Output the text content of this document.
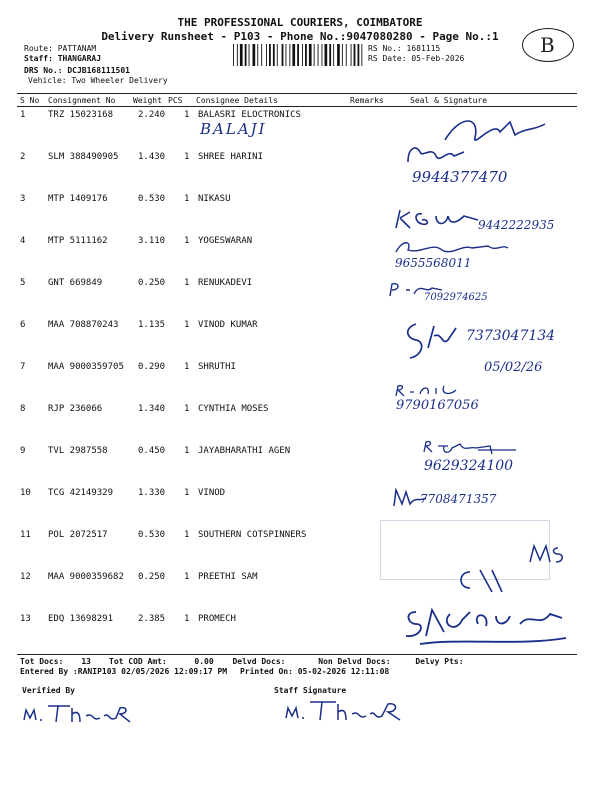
THE PROFESSIONAL COURIERS, COIMBATORE
Delivery Runsheet - P103 - Phone No.:9047080280 - Page No.:1	B
Route: PATTANAM
Staff: THANGARAJ
DRS No.: DCJB168111501
Vehicle: Two Wheeler Delivery
RS No.: 1681115
RS Date: 05-Feb-2026
S No Consignment No Weight PCS Consignee Details	Remarks	Seal & Signature
1	TRZ 15023168	2.240 1 BALASRI ELOCTRONICS
2	SLM 388490905 1.430 1 SHREE HARINI
3	MTP 1409176	0.530 1 NIKASU
4	MTP 5111162	3.110 1 YOGESWARAN
5	GNT 669849	0.250 1 RENUKADEVI
6	MAA 708870243 1.135 1 VINOD KUMAR
7	MAA 9000359705 0.290 1 SHRUTHI
8	RJP 236066	1.340 1 CYNTHIA MOSES
9	TVL 2987558	0.450 1 JAYABHARATHI AGEN
10 TCG 42149329	1.330 1 VINOD
11 POL 2072517	0.530 1 SOUTHERN COTSPINNERS
12 MAA 9000359682 0.250 1 PREETHI SAM
13 EDQ 13698291	2.385 1 PROMECH
BALAJI
9944377470
9442222935
9655568011
7092974625
7373047134
05/02/26
9790167056
9629324100
7708471357
Tot Docs: 13 Tot COD Amt:	0.00 Delvd Docs:	Non Delvd Docs:	Delvy Pts:
Entered By :RANIP103 02/05/2026 12:09:17 PM Printed On: 05-02-2026 12:11:08
Verified By	Staff Signature
